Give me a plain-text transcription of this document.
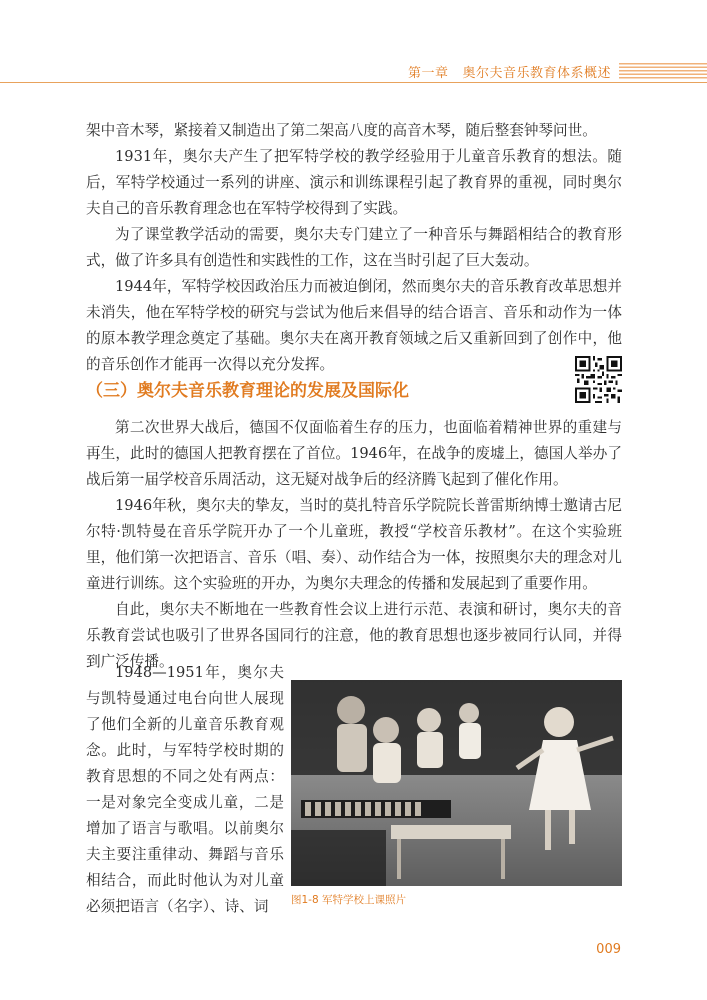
第一章 奥尔夫音乐教育体系概述

架中音木琴，紧接着又制造出了第二架高八度的高音木琴，随后整套钟琴问世。

1931年，奥尔夫产生了把军特学校的教学经验用于儿童音乐教育的想法。随后，军特学校通过一系列的讲座、演示和训练课程引起了教育界的重视，同时奥尔夫自己的音乐教育理念也在军特学校得到了实践。

为了课堂教学活动的需要，奥尔夫专门建立了一种音乐与舞蹈相结合的教育形式，做了许多具有创造性和实践性的工作，这在当时引起了巨大轰动。

1944年，军特学校因政治压力而被迫倒闭，然而奥尔夫的音乐教育改革思想并未消失，他在军特学校的研究与尝试为他后来倡导的结合语言、音乐和动作为一体的原本教学理念奠定了基础。奥尔夫在离开教育领域之后又重新回到了创作中，他的音乐创作才能再一次得以充分发挥。

（三）奥尔夫音乐教育理论的发展及国际化

第二次世界大战后，德国不仅面临着生存的压力，也面临着精神世界的重建与再生，此时的德国人把教育摆在了首位。1946年，在战争的废墟上，德国人举办了战后第一届学校音乐周活动，这无疑对战争后的经济腾飞起到了催化作用。

1946年秋，奥尔夫的挚友，当时的莫扎特音乐学院院长普雷斯纳博士邀请古尼尔特·凯特曼在音乐学院开办了一个儿童班，教授“学校音乐教材”。在这个实验班里，他们第一次把语言、音乐（唱、奏）、动作结合为一体，按照奥尔夫的理念对儿童进行训练。这个实验班的开办，为奥尔夫理念的传播和发展起到了重要作用。

自此，奥尔夫不断地在一些教育性会议上进行示范、表演和研讨，奥尔夫的音乐教育尝试也吸引了世界各国同行的注意，他的教育思想也逐步被同行认同，并得到广泛传播。

1948—1951年，奥尔夫与凯特曼通过电台向世人展现了他们全新的儿童音乐教育观念。此时，与军特学校时期的教育思想的不同之处有两点：一是对象完全变成儿童，二是增加了语言与歌唱。以前奥尔夫主要注重律动、舞蹈与音乐相结合，而此时他认为对儿童必须把语言（名字）、诗、词	图1-8 军特学校上课照片
009
